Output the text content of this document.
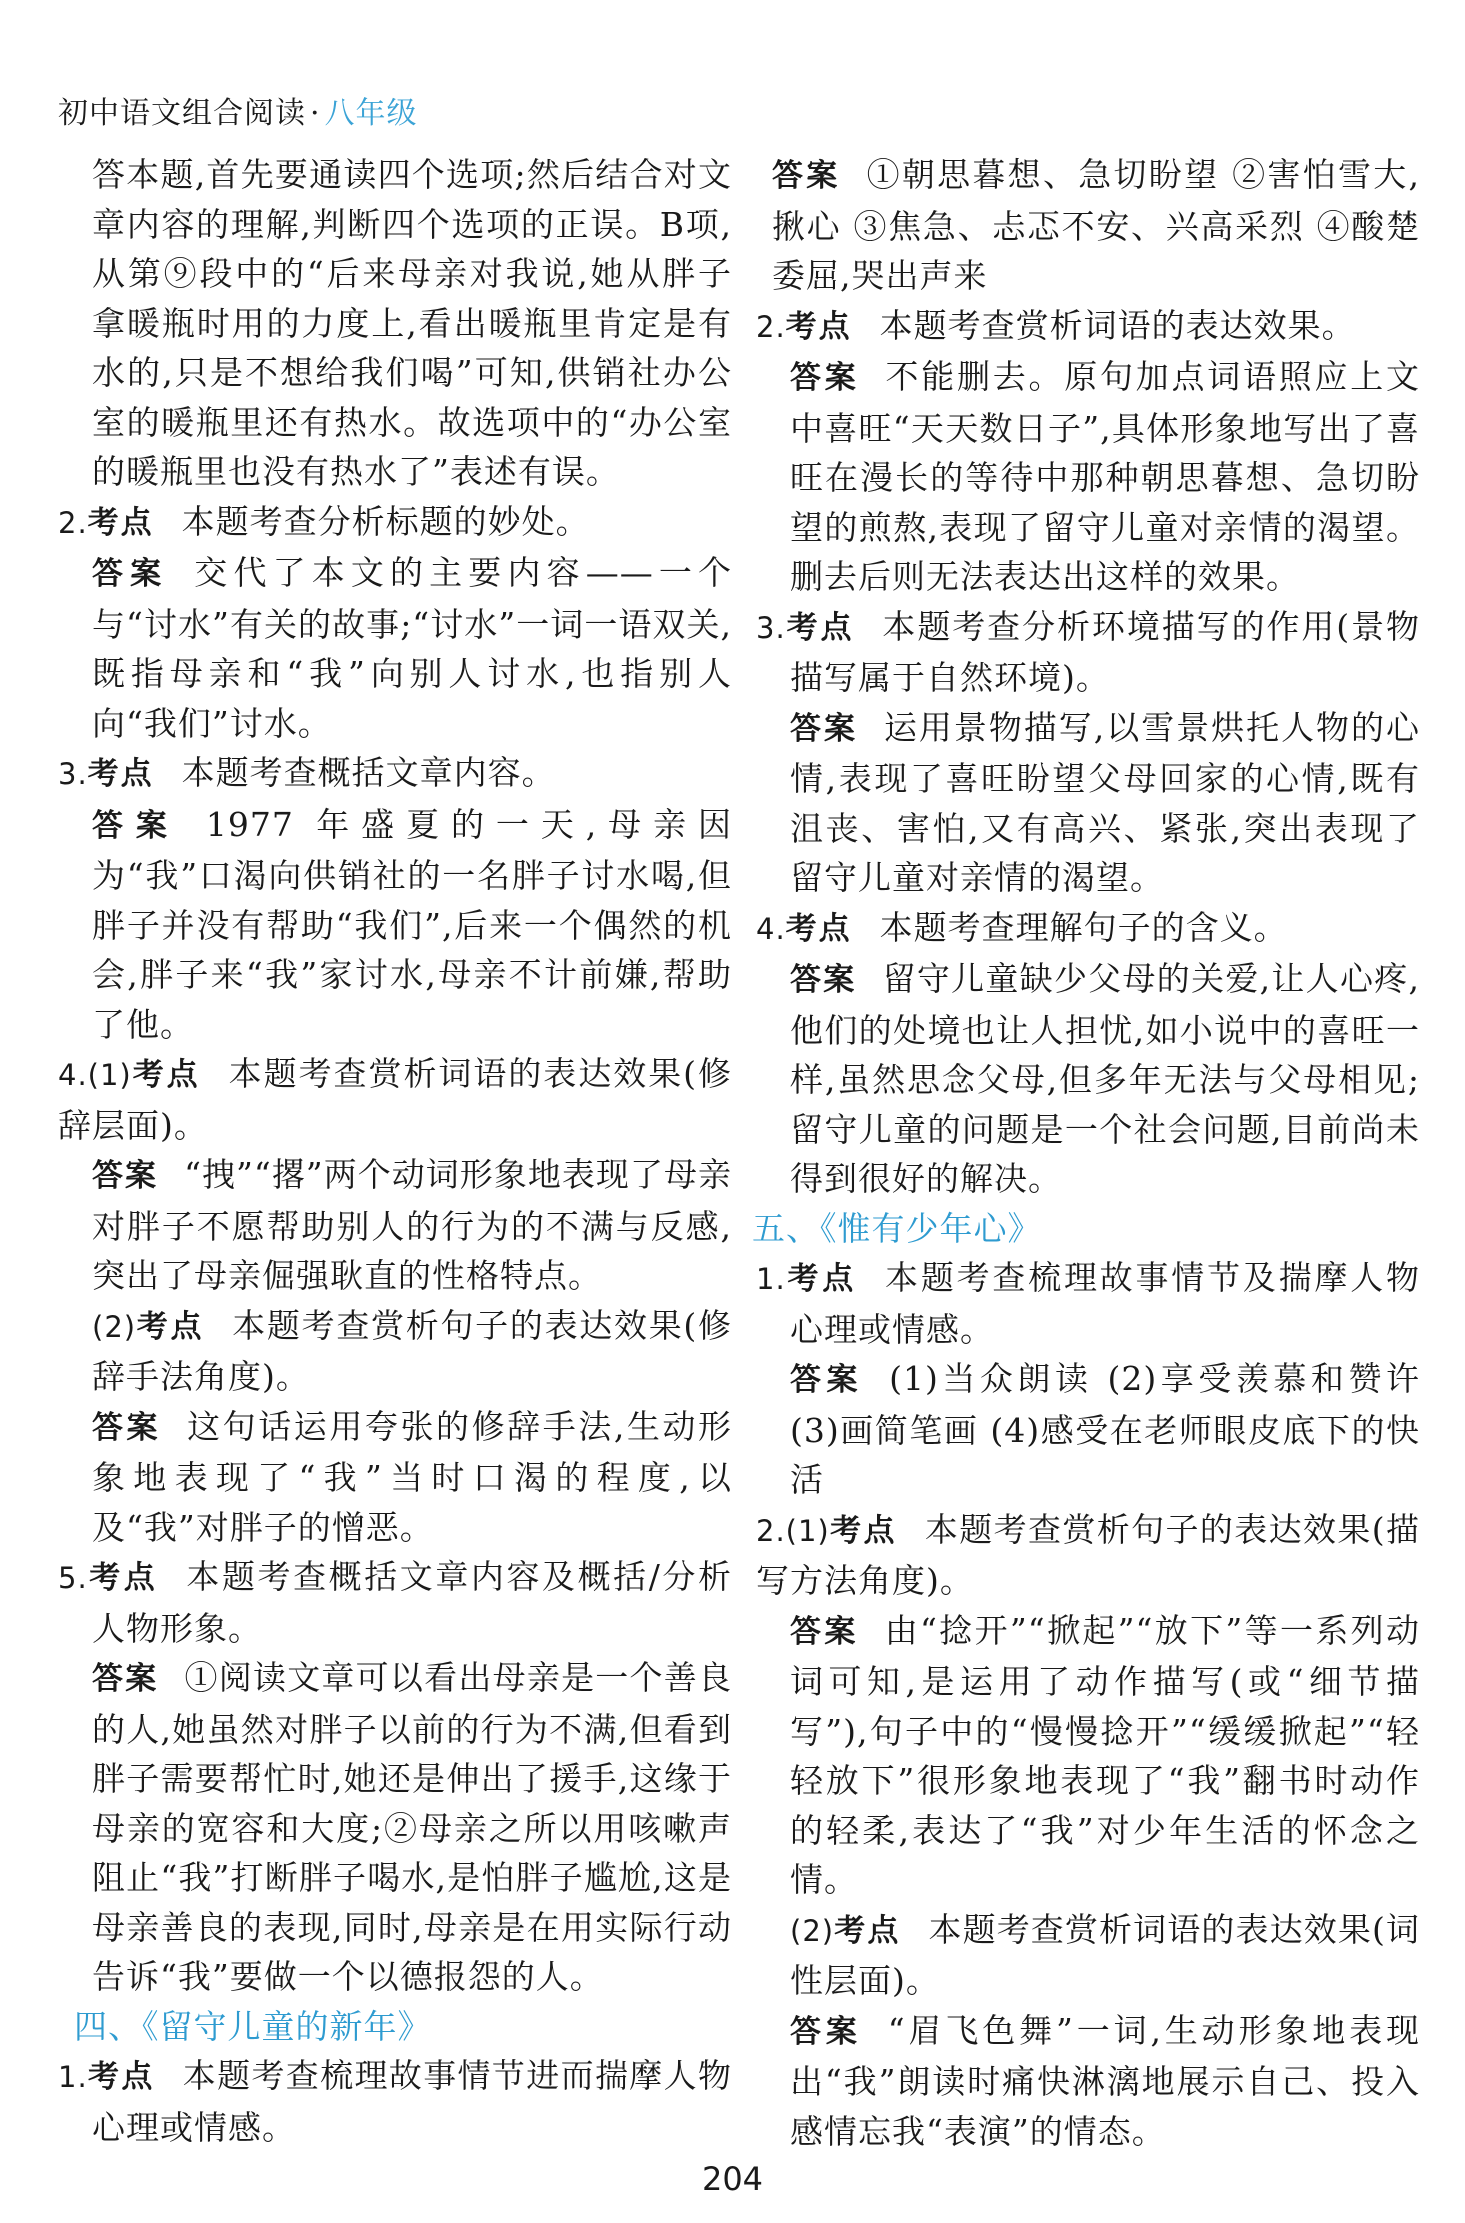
初中语文组合阅读 · 八年级

答本题,首先要通读四个选项;然后结合对文章内容的理解,判断四个选项的正误。B项,从第⑨段中的“后来母亲对我说,她从胖子拿暖瓶时用的力度上,看出暖瓶里肯定是有水的,只是不想给我们喝”可知,供销社办公室的暖瓶里还有热水。故选项中的“办公室的暖瓶里也没有热水了”表述有误。

2.考点 本题考查分析标题的妙处。

答案 交代了本文的主要内容——一个与“讨水”有关的故事;“讨水”一词一语双关,既指母亲和“我”向别人讨水,也指别人向“我们”讨水。

3.考点 本题考查概括文章内容。

答案 1977 年盛夏的一天,母亲因为“我”口渴向供销社的一名胖子讨水喝,但胖子并没有帮助“我们”,后来一个偶然的机会,胖子来“我”家讨水,母亲不计前嫌,帮助了他。

4.(1)考点 本题考查赏析词语的表达效果(修辞层面)。

答案 “拽”“撂”两个动词形象地表现了母亲对胖子不愿帮助别人的行为的不满与反感,突出了母亲倔强耿直的性格特点。

(2)考点 本题考查赏析句子的表达效果(修辞手法角度)。

答案 这句话运用夸张的修辞手法,生动形象地表现了“我”当时口渴的程度,以及“我”对胖子的憎恶。

5.考点 本题考查概括文章内容及概括/分析人物形象。

答案 ①阅读文章可以看出母亲是一个善良的人,她虽然对胖子以前的行为不满,但看到胖子需要帮忙时,她还是伸出了援手,这缘于母亲的宽容和大度;②母亲之所以用咳嗽声阻止“我”打断胖子喝水,是怕胖子尴尬,这是母亲善良的表现,同时,母亲是在用实际行动告诉“我”要做一个以德报怨的人。

四、《留守儿童的新年》

1.考点 本题考查梳理故事情节进而揣摩人物心理或情感。

答案 ①朝思暮想、急切盼望 ②害怕雪大,揪心 ③焦急、忐忑不安、兴高采烈 ④酸楚委屈,哭出声来

2.考点 本题考查赏析词语的表达效果。

答案 不能删去。原句加点词语照应上文中喜旺“天天数日子”,具体形象地写出了喜旺在漫长的等待中那种朝思暮想、急切盼望的煎熬,表现了留守儿童对亲情的渴望。删去后则无法表达出这样的效果。

3.考点 本题考查分析环境描写的作用(景物描写属于自然环境)。

答案 运用景物描写,以雪景烘托人物的心情,表现了喜旺盼望父母回家的心情,既有沮丧、害怕,又有高兴、紧张,突出表现了留守儿童对亲情的渴望。

4.考点 本题考查理解句子的含义。

答案 留守儿童缺少父母的关爱,让人心疼,他们的处境也让人担忧,如小说中的喜旺一样,虽然思念父母,但多年无法与父母相见;留守儿童的问题是一个社会问题,目前尚未得到很好的解决。

五、《惟有少年心》

1.考点 本题考查梳理故事情节及揣摩人物心理或情感。

答案 (1)当众朗读 (2)享受羡慕和赞许 (3)画简笔画 (4)感受在老师眼皮底下的快活

2.(1)考点 本题考查赏析句子的表达效果(描写方法角度)。

答案 由“捻开”“掀起”“放下”等一系列动词可知,是运用了动作描写(或“细节描写”),句子中的“慢慢捻开”“缓缓掀起”“轻轻放下”很形象地表现了“我”翻书时动作的轻柔,表达了“我”对少年生活的怀念之情。

(2)考点 本题考查赏析词语的表达效果(词性层面)。

答案 “眉飞色舞”一词,生动形象地表现出“我”朗读时痛快淋漓地展示自己、投入感情忘我“表演”的情态。

204
